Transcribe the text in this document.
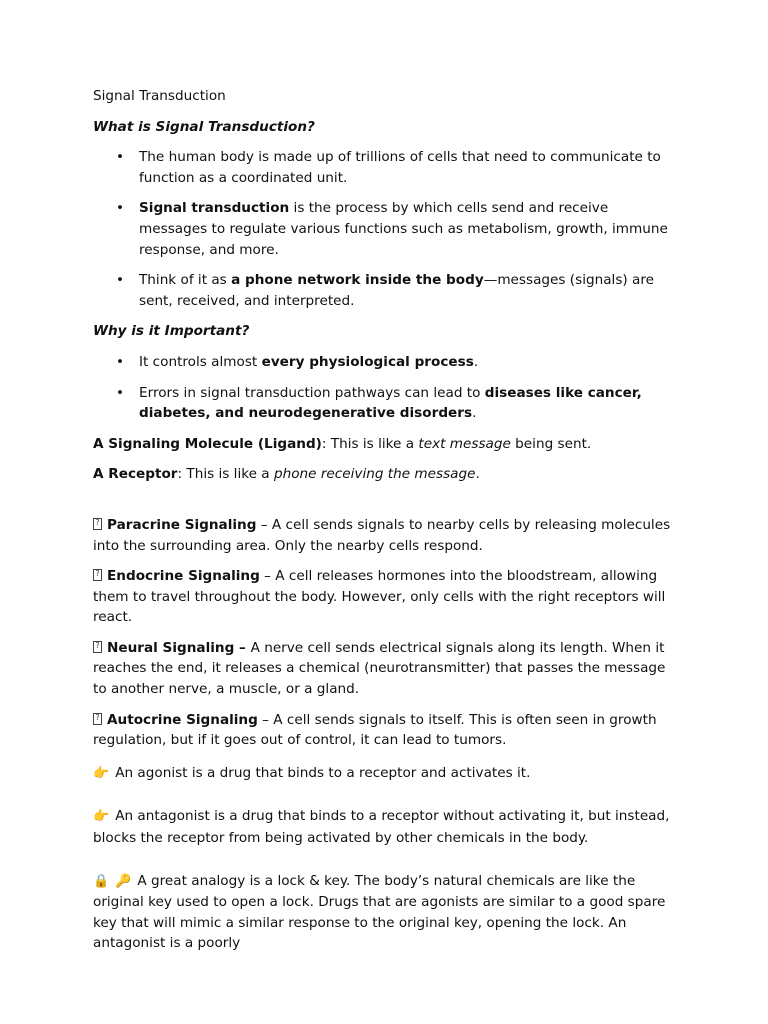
Signal Transduction

What is Signal Transduction?

• The human body is made up of trillions of cells that need to communicate to function as a coordinated unit.
• Signal transduction is the process by which cells send and receive messages to regulate various functions such as metabolism, growth, immune response, and more.
• Think of it as a phone network inside the body—messages (signals) are sent, received, and interpreted.

Why is it Important?

• It controls almost every physiological process.
• Errors in signal transduction pathways can lead to diseases like cancer, diabetes, and neurodegenerative disorders.

A Signaling Molecule (Ligand): This is like a text message being sent.

A Receptor: This is like a phone receiving the message.

?Paracrine Signaling – A cell sends signals to nearby cells by releasing molecules into the surrounding area. Only the nearby cells respond.

?Endocrine Signaling – A cell releases hormones into the bloodstream, allowing them to travel throughout the body. However, only cells with the right receptors will react.

?Neural Signaling – A nerve cell sends electrical signals along its length. When it reaches the end, it releases a chemical (neurotransmitter) that passes the message to another nerve, a muscle, or a gland.

?Autocrine Signaling – A cell sends signals to itself. This is often seen in growth regulation, but if it goes out of control, it can lead to tumors.

👉 An agonist is a drug that binds to a receptor and activates it.

👉 An antagonist is a drug that binds to a receptor without activating it, but instead, blocks the receptor from being activated by other chemicals in the body.

🔒 🔑 A great analogy is a lock & key. The body’s natural chemicals are like the original key used to open a lock. Drugs that are agonists are similar to a good spare key that will mimic a similar response to the original key, opening the lock. An antagonist is a poorly
